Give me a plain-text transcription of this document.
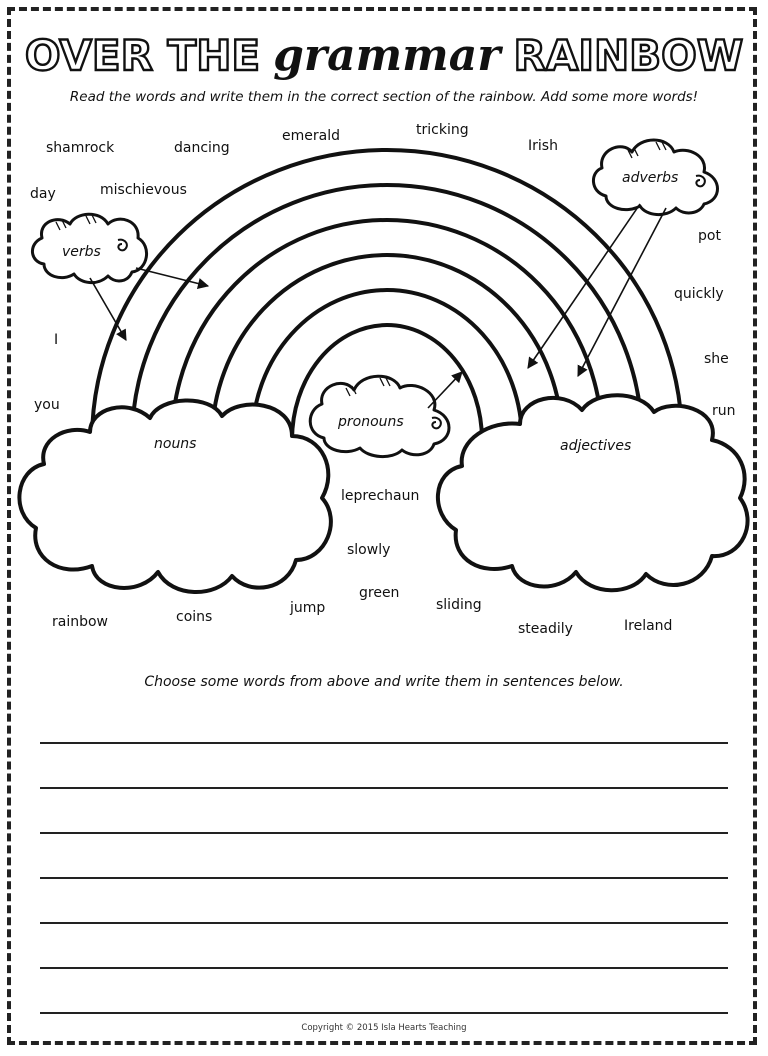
OVER THE grammar RAINBOW
Read the words and write them in the correct section of the rainbow. Add some more words!
verbs
adverbs
pronouns
nouns	adjectives
shamrock	dancing
emerald	tricking
Irish
day	mischievous
pot
quickly
I
she
you	run
leprechaun
slowly
green
jump	sliding
rainbow	coins
steadily	Ireland
Choose some words from above and write them in sentences below.
Copyright © 2015 Isla Hearts Teaching
